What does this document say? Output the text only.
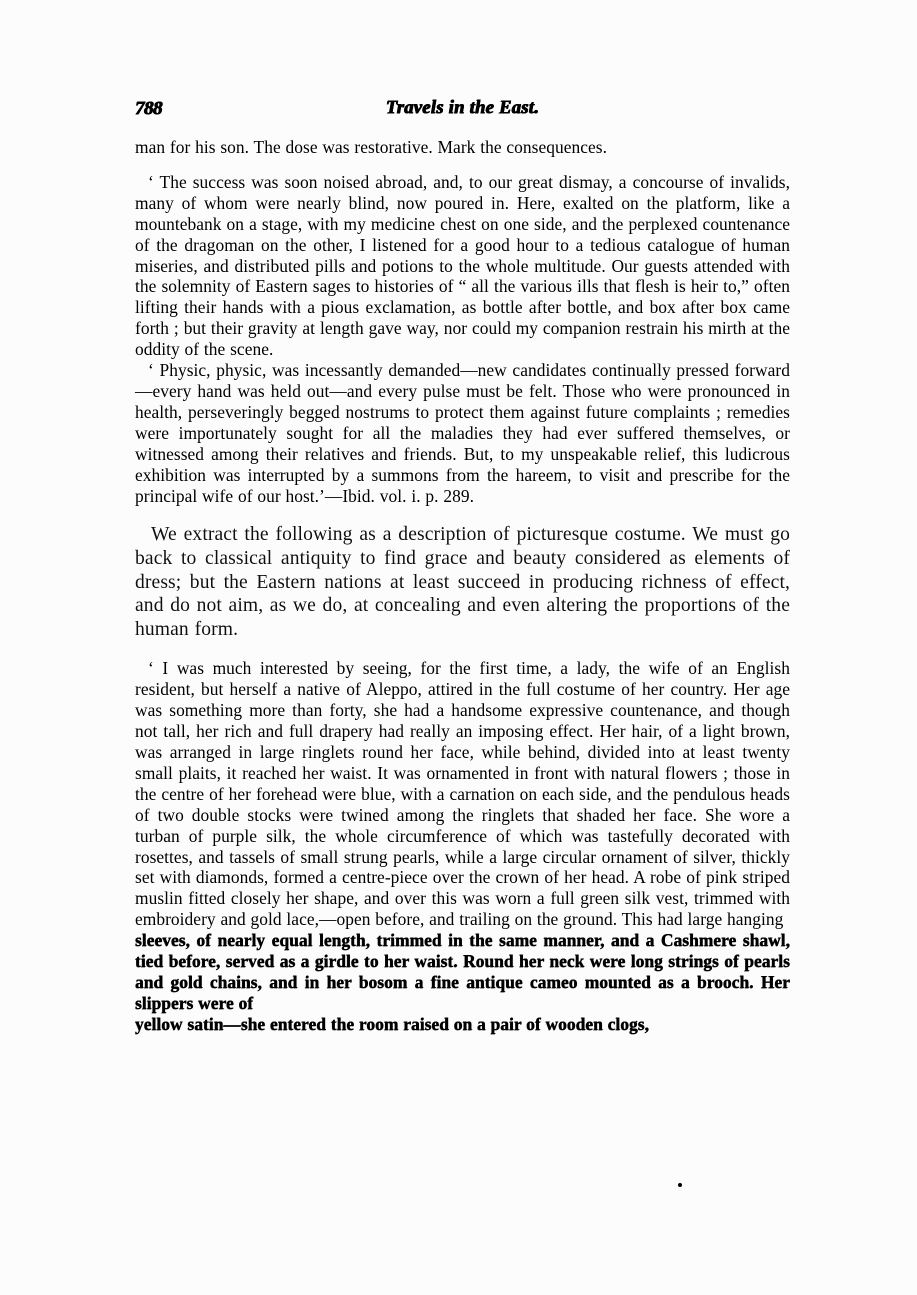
788	Travels in the East.

man for his son. The dose was restorative. Mark the consequences.

‘ The success was soon noised abroad, and, to our great dismay, a concourse of invalids, many of whom were nearly blind, now poured in. Here, exalted on the platform, like a mountebank on a stage, with my medicine chest on one side, and the perplexed countenance of the dragoman on the other, I listened for a good hour to a tedious catalogue of human miseries, and distributed pills and potions to the whole multitude. Our guests attended with the solemnity of Eastern sages to histories of “ all the various ills that flesh is heir to,” often lifting their hands with a pious exclamation, as bottle after bottle, and box after box came forth ; but their gravity at length gave way, nor could my companion restrain his mirth at the oddity of the scene.

‘ Physic, physic, was incessantly demanded—new candidates continually pressed forward—every hand was held out—and every pulse must be felt. Those who were pronounced in health, perseveringly begged nostrums to protect them against future complaints ; remedies were importunately sought for all the maladies they had ever suffered themselves, or witnessed among their relatives and friends. But, to my unspeakable relief, this ludicrous exhibition was interrupted by a summons from the hareem, to visit and prescribe for the principal wife of our host.’—Ibid. vol. i. p. 289.

We extract the following as a description of picturesque costume. We must go back to classical antiquity to find grace and beauty considered as elements of dress; but the Eastern nations at least succeed in producing richness of effect, and do not aim, as we do, at concealing and even altering the proportions of the human form.

‘ I was much interested by seeing, for the first time, a lady, the wife of an English resident, but herself a native of Aleppo, attired in the full costume of her country. Her age was something more than forty, she had a handsome expressive countenance, and though not tall, her rich and full drapery had really an imposing effect. Her hair, of a light brown, was arranged in large ringlets round her face, while behind, divided into at least twenty small plaits, it reached her waist. It was ornamented in front with natural flowers ; those in the centre of her forehead were blue, with a carnation on each side, and the pendulous heads of two double stocks were twined among the ringlets that shaded her face. She wore a turban of purple silk, the whole circumference of which was tastefully decorated with rosettes, and tassels of small strung pearls, while a large circular ornament of silver, thickly set with diamonds, formed a centre-piece over the crown of her head. A robe of pink striped muslin fitted closely her shape, and over this was worn a full green silk vest, trimmed with embroidery and gold lace,—open before, and trailing on the ground. This had large hanging

sleeves, of nearly equal length, trimmed in the same manner, and a Cashmere shawl, tied before, served as a girdle to her waist. Round her neck were long strings of pearls and gold chains, and in her bosom a fine antique cameo mounted as a brooch. Her slippers were of

yellow satin—she entered the room raised on a pair of wooden clogs,
